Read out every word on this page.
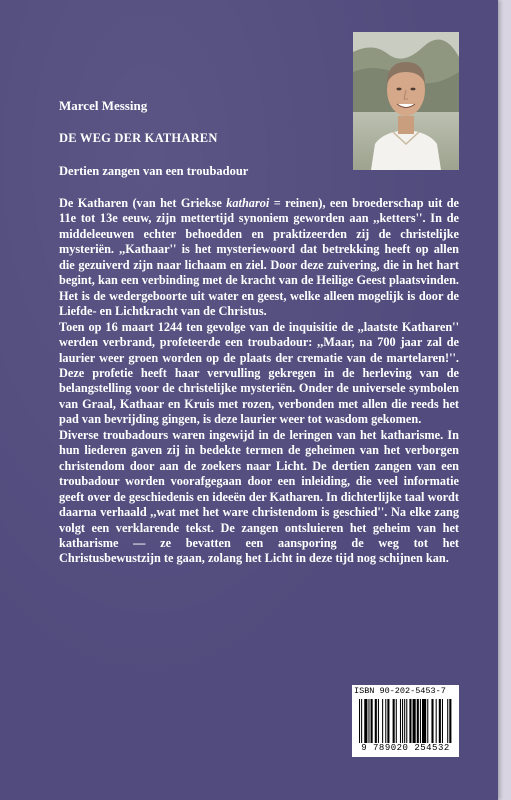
Marcel Messing
DE WEG DER KATHAREN
Dertien zangen van een troubadour

De Katharen (van het Griekse katharoi = reinen), een broederschap uit de 11e tot 13e eeuw, zijn mettertijd synoniem geworden aan ,,ketters''. In de middeleeuwen echter behoedden en praktizeerden zij de christelijke mysteriën. ,,Kathaar'' is het mysteriewoord dat betrekking heeft op allen die gezuiverd zijn naar lichaam en ziel. Door deze zuivering, die in het hart begint, kan een verbinding met de kracht van de Heilige Geest plaatsvinden. Het is de wedergeboorte uit water en geest, welke alleen mogelijk is door de Liefde- en Lichtkracht van de Christus.

Toen op 16 maart 1244 ten gevolge van de inquisitie de ,,laatste Katharen'' werden verbrand, profeteerde een troubadour: ,,Maar, na 700 jaar zal de laurier weer groen worden op de plaats der crematie van de martelaren!''. Deze profetie heeft haar vervulling gekregen in de herleving van de belangstelling voor de christelijke mysteriën. Onder de universele symbolen van Graal, Kathaar en Kruis met rozen, verbonden met allen die reeds het pad van bevrijding gingen, is deze laurier weer tot wasdom gekomen.

Diverse troubadours waren ingewijd in de leringen van het katharisme. In hun liederen gaven zij in bedekte termen de geheimen van het verborgen christendom door aan de zoekers naar Licht. De dertien zangen van een troubadour worden voorafgegaan door een inleiding, die veel informatie geeft over de geschiedenis en ideeën der Katharen. In dichterlijke taal wordt daarna verhaald ,,wat met het ware christendom is geschied''. Na elke zang volgt een verklarende tekst. De zangen ontsluieren het geheim van het katharisme — ze bevatten een aansporing de weg tot het Christusbewustzijn te gaan, zolang het Licht in deze tijd nog schijnen kan.

ISBN 90-202-5453-7
9 789020 254532
